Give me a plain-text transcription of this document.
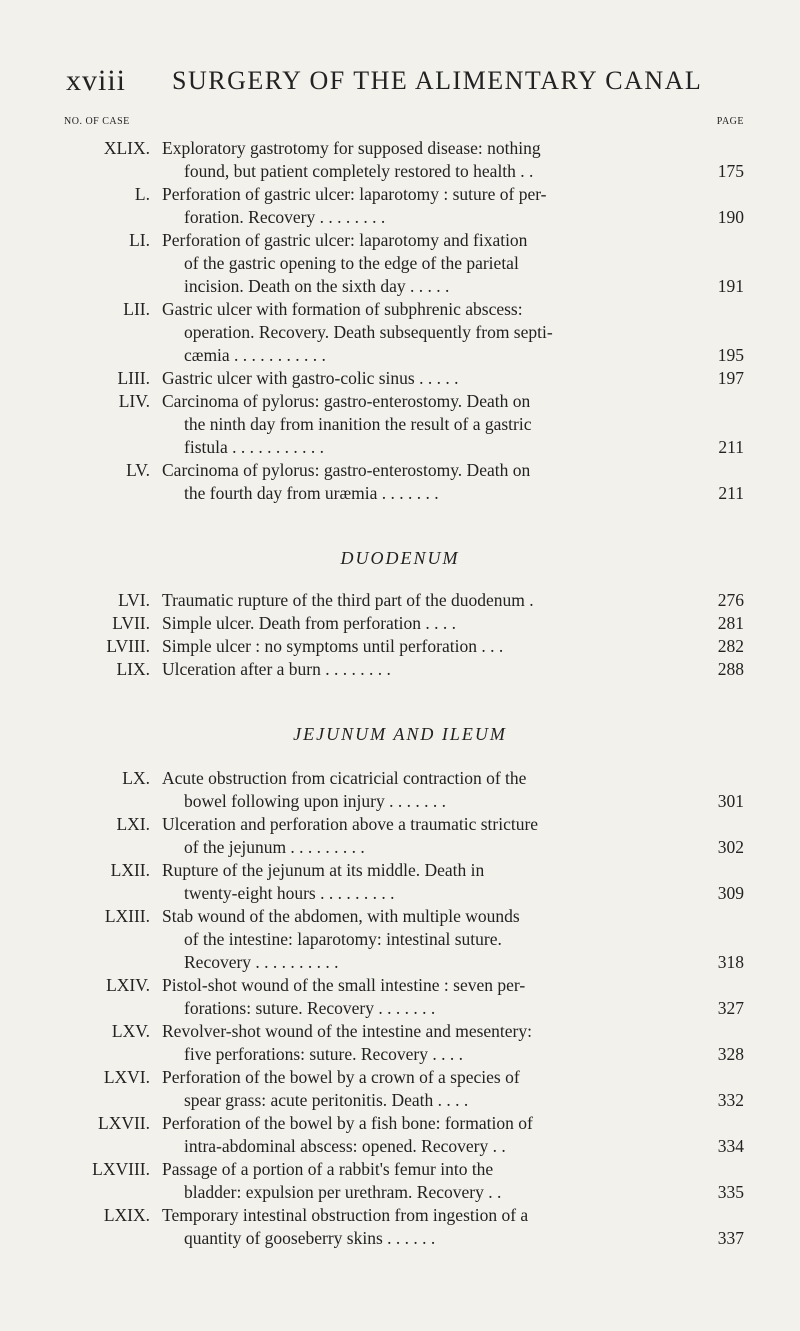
xviii SURGERY OF THE ALIMENTARY CANAL
NO. OF CASE	PAGE
XLIX. Exploratory gastrotomy for supposed disease: nothing
found, but patient completely restored to health . .	175
L. Perforation of gastric ulcer: laparotomy : suture of per-
foration. Recovery . . . . . . . .	190
LI. Perforation of gastric ulcer: laparotomy and fixation
of the gastric opening to the edge of the parietal
incision. Death on the sixth day . . . . .	191
LII. Gastric ulcer with formation of subphrenic abscess:
operation. Recovery. Death subsequently from septi-
cæmia . . . . . . . . . . .	195
LIII. Gastric ulcer with gastro-colic sinus . . . . .	197
LIV. Carcinoma of pylorus: gastro-enterostomy. Death on
the ninth day from inanition the result of a gastric
fistula . . . . . . . . . . .	211
LV. Carcinoma of pylorus: gastro-enterostomy. Death on
the fourth day from uræmia . . . . . . .	211
DUODENUM
LVI. Traumatic rupture of the third part of the duodenum .	276
LVII. Simple ulcer. Death from perforation . . . .	281
LVIII. Simple ulcer : no symptoms until perforation . . .	282
LIX. Ulceration after a burn . . . . . . . .	288
JEJUNUM AND ILEUM
LX. Acute obstruction from cicatricial contraction of the
bowel following upon injury . . . . . . .	301
LXI. Ulceration and perforation above a traumatic stricture
of the jejunum . . . . . . . . .	302
LXII. Rupture of the jejunum at its middle. Death in
twenty-eight hours . . . . . . . . .	309
LXIII. Stab wound of the abdomen, with multiple wounds
of the intestine: laparotomy: intestinal suture.
Recovery . . . . . . . . . .	318
LXIV. Pistol-shot wound of the small intestine : seven per-
forations: suture. Recovery . . . . . . .	327
LXV. Revolver-shot wound of the intestine and mesentery:
five perforations: suture. Recovery . . . .	328
LXVI. Perforation of the bowel by a crown of a species of
spear grass: acute peritonitis. Death . . . .	332
LXVII. Perforation of the bowel by a fish bone: formation of
intra-abdominal abscess: opened. Recovery . .	334
LXVIII. Passage of a portion of a rabbit's femur into the
bladder: expulsion per urethram. Recovery . .	335
LXIX. Temporary intestinal obstruction from ingestion of a
quantity of gooseberry skins . . . . . .	337
